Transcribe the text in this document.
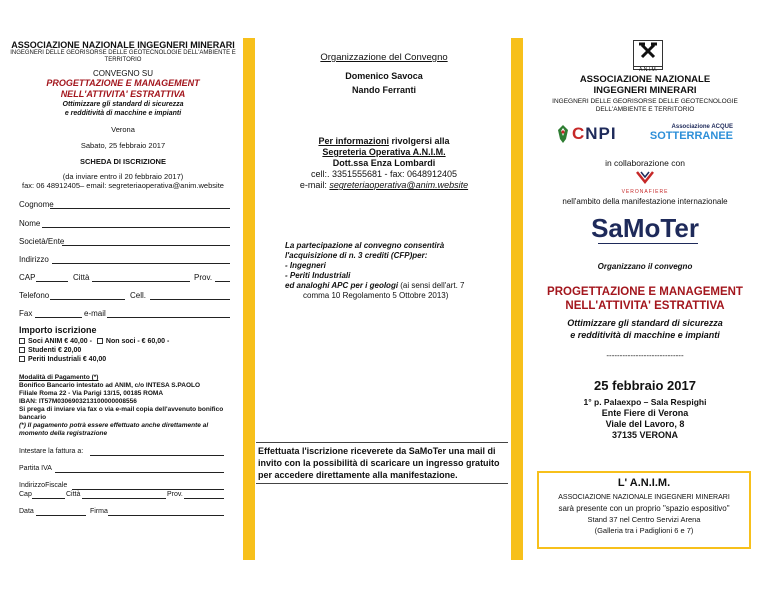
ASSOCIAZIONE NAZIONALE INGEGNERI MINERARI
INGEGNERI DELLE GEORISORSE DELLE GEOTECNOLOGIE DELL'AMBIENTE E
TERRITORIO
CONVEGNO SU
PROGETTAZIONE E MANAGEMENT
NELL'ATTIVITA' ESTRATTIVA
Ottimizzare gli standard di sicurezza
e redditività di macchine e impianti
Verona
Sabato, 25 febbraio 2017
SCHEDA DI ISCRIZIONE
(da inviare entro il 20 febbraio 2017)
fax: 06 48912405– email: segreteriaoperativa@anim.website
Cognome
Nome
Società/Ente
Indirizzo
CAP	Città	Prov.
Telefono	Cell.
Fax	e-mail
Importo iscrizione
Soci ANIM € 40,00 - Non soci - € 60,00 -
Studenti € 20,00
Periti Industriali € 40,00
Modalità di Pagamento (*)
Bonifico Bancario intestato ad ANIM, c/o INTESA S.PAOLO
Filiale Roma 22 - Via Parigi 13/15, 00185 ROMA
IBAN: IT57M0306903213100000008556
Si prega di inviare via fax o via e-mail copia dell'avvenuto bonifico
bancario
(*) Il pagamento potrà essere effettuato anche direttamente al
momento della registrazione
Intestare la fattura a:
Partita IVA
IndirizzoFiscale
Cap	Città	Prov.
Data	Firma
Organizzazione del Convegno
Domenico Savoca
Nando Ferranti
Per informazioni rivolgersi alla
Segreteria Operativa A.N.I.M.
Dott.ssa Enza Lombardi
cell:. 3351555681 - fax: 0648912405
e-mail: segreteriaoperativa@anim.website
La partecipazione al convegno consentirà
l'acquisizione di n. 3 crediti (CFP)per:
- Ingegneri
- Periti Industriali
ed analoghi APC per i geologi (ai sensi dell'art. 7
comma 10 Regolamento 5 Ottobre 2013)
Effettuata l'iscrizione riceverete da SaMoTer una mail di invito con la possibilità di scaricare un ingresso gratuito per accedere direttamente alla manifestazione.
A.N.I.M.
ASSOCIAZIONE NAZIONALE
INGEGNERI MINERARI
INGEGNERI DELLE GEORISORSE DELLE GEOTECNOLOGIE
DELL'AMBIENTE E TERRITORIO
CNPI	Associazione ACQUE
SOTTERRANEE
in collaborazione con
VERONAFIERE
nell'ambito della manifestazione internazionale
SaMoTer
Organizzano il convegno
PROGETTAZIONE E MANAGEMENT
NELL'ATTIVITA' ESTRATTIVA
Ottimizzare gli standard di sicurezza
e redditività di macchine e impianti
-----------------------------
25 febbraio 2017
1° p. Palaexpo – Sala Respighi
Ente Fiere di Verona
Viale del Lavoro, 8
37135 VERONA
L' A.N.I.M.
ASSOCIAZIONE NAZIONALE INGEGNERI MINERARI
sarà presente con un proprio "spazio espositivo"
Stand 37 nel Centro Servizi Arena
(Galleria tra i Padiglioni 6 e 7)
